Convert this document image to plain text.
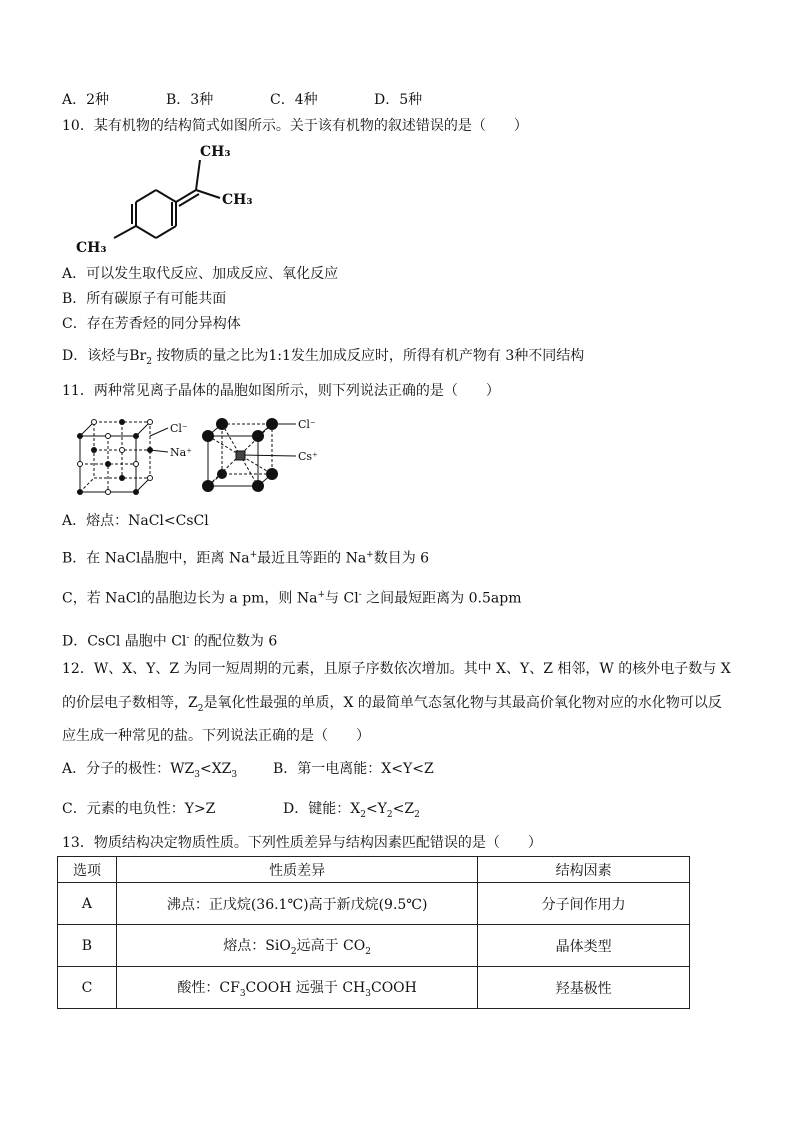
A．2种	B．3种	C．4种	D．5种
10．某有机物的结构简式如图所示。关于该有机物的叙述错误的是（　　）
CH₃
CH₃
CH₃
A．可以发生取代反应、加成反应、氧化反应
B．所有碳原子有可能共面
C．存在芳香烃的同分异构体
D．该烃与$Br_2$ 按物质的量之比为1:1发生加成反应时，所得有机产物有 3种不同结构
11．两种常见离子晶体的晶胞如图所示，则下列说法正确的是（　　）
Cl⁻
Na⁺
Cl⁻
Cs⁺
A．熔点：NaCl<CsCl
B．在 NaCl晶胞中，距离 Na+最近且等距的 Na+数目为 6
C，若 NaCl的晶胞边长为 a pm，则 Na+与 Cl- 之间最短距离为 0.5apm
D．CsCl 晶胞中 Cl- 的配位数为 6
12．W、X、Y、Z 为同一短周期的元素，且原子序数依次增加。其中 X、Y、Z 相邻，W 的核外电子数与 X
的价层电子数相等，$Z_2$是氧化性最强的单质，X 的最简单气态氢化物与其最高价氧化物对应的水化物可以反
应生成一种常见的盐。下列说法正确的是（　　）
A．分子的极性：$WZ_3<XZ_3$	B．第一电离能：X<Y<Z
C．元素的电负性：Y>Z	D．键能：$X_2<Y_2<Z_2$
13．物质结构决定物质性质。下列性质差异与结构因素匹配错误的是（　　）
选项	性质差异	结构因素
A	沸点：正戊烷(36.1℃)高于新戊烷(9.5℃)	分子间作用力
B	熔点：SiO$_2$远高于 $CO_2$	晶体类型
C	酸性：$CF_3COOH$ 远强于 $CH_3COOH$	羟基极性
